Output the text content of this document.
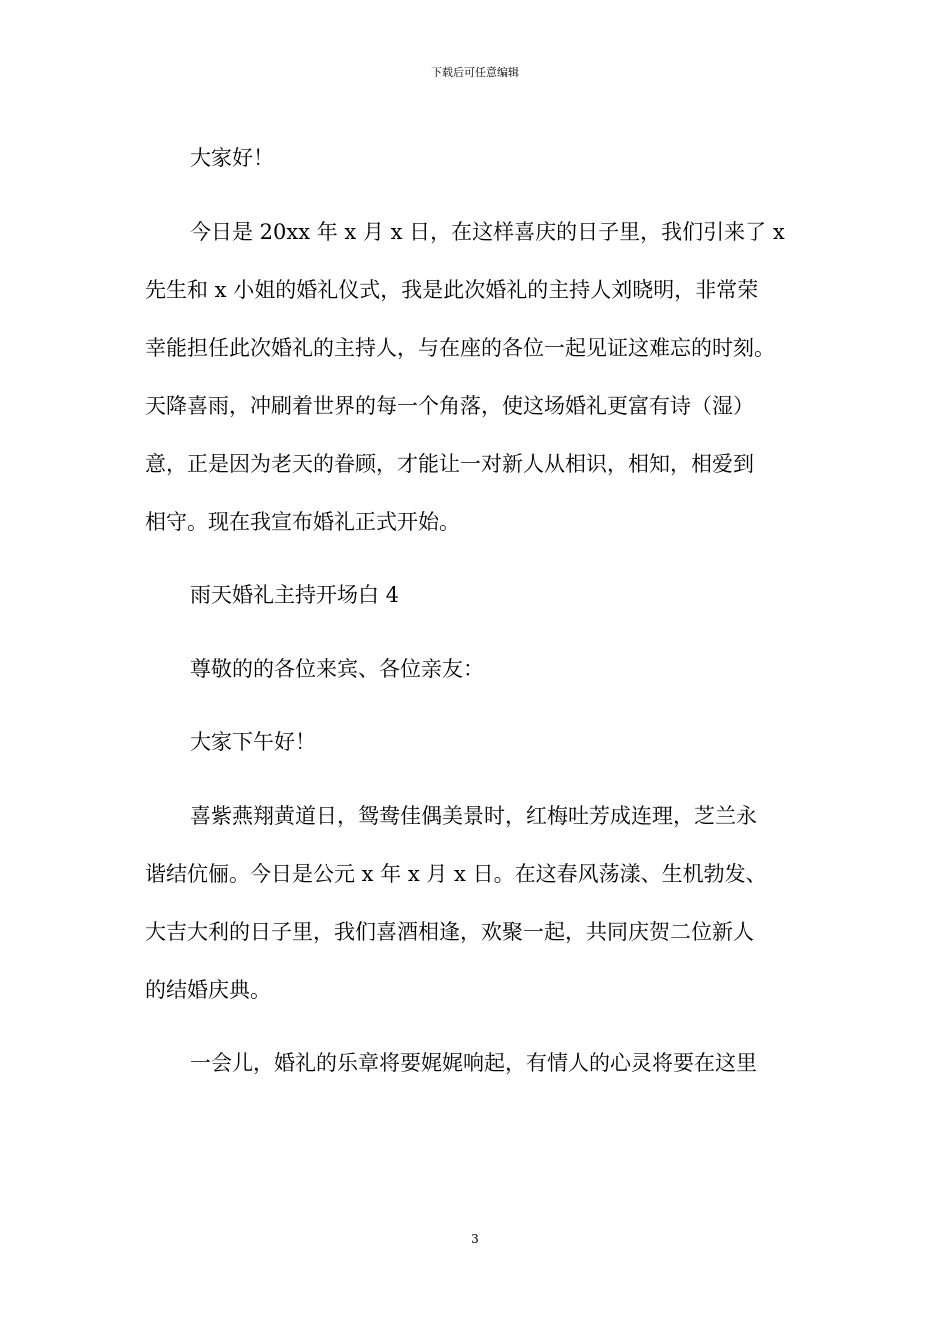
下载后可任意编辑
大家好！
今日是 20xx 年 x 月 x 日，在这样喜庆的日子里，我们引来了 x
先生和 x 小姐的婚礼仪式，我是此次婚礼的主持人刘晓明，非常荣
幸能担任此次婚礼的主持人，与在座的各位一起见证这难忘的时刻。
天降喜雨，冲刷着世界的每一个角落，使这场婚礼更富有诗（湿）
意，正是因为老天的眷顾，才能让一对新人从相识，相知，相爱到
相守。现在我宣布婚礼正式开始。
雨天婚礼主持开场白 4
尊敬的的各位来宾、各位亲友：
大家下午好！
喜紫燕翔黄道日，鸳鸯佳偶美景时，红梅吐芳成连理，芝兰永
谐结伉俪。今日是公元 x 年 x 月 x 日。在这春风荡漾、生机勃发、
大吉大利的日子里，我们喜酒相逢，欢聚一起，共同庆贺二位新人
的结婚庆典。
一会儿，婚礼的乐章将要娓娓响起，有情人的心灵将要在这里
3
